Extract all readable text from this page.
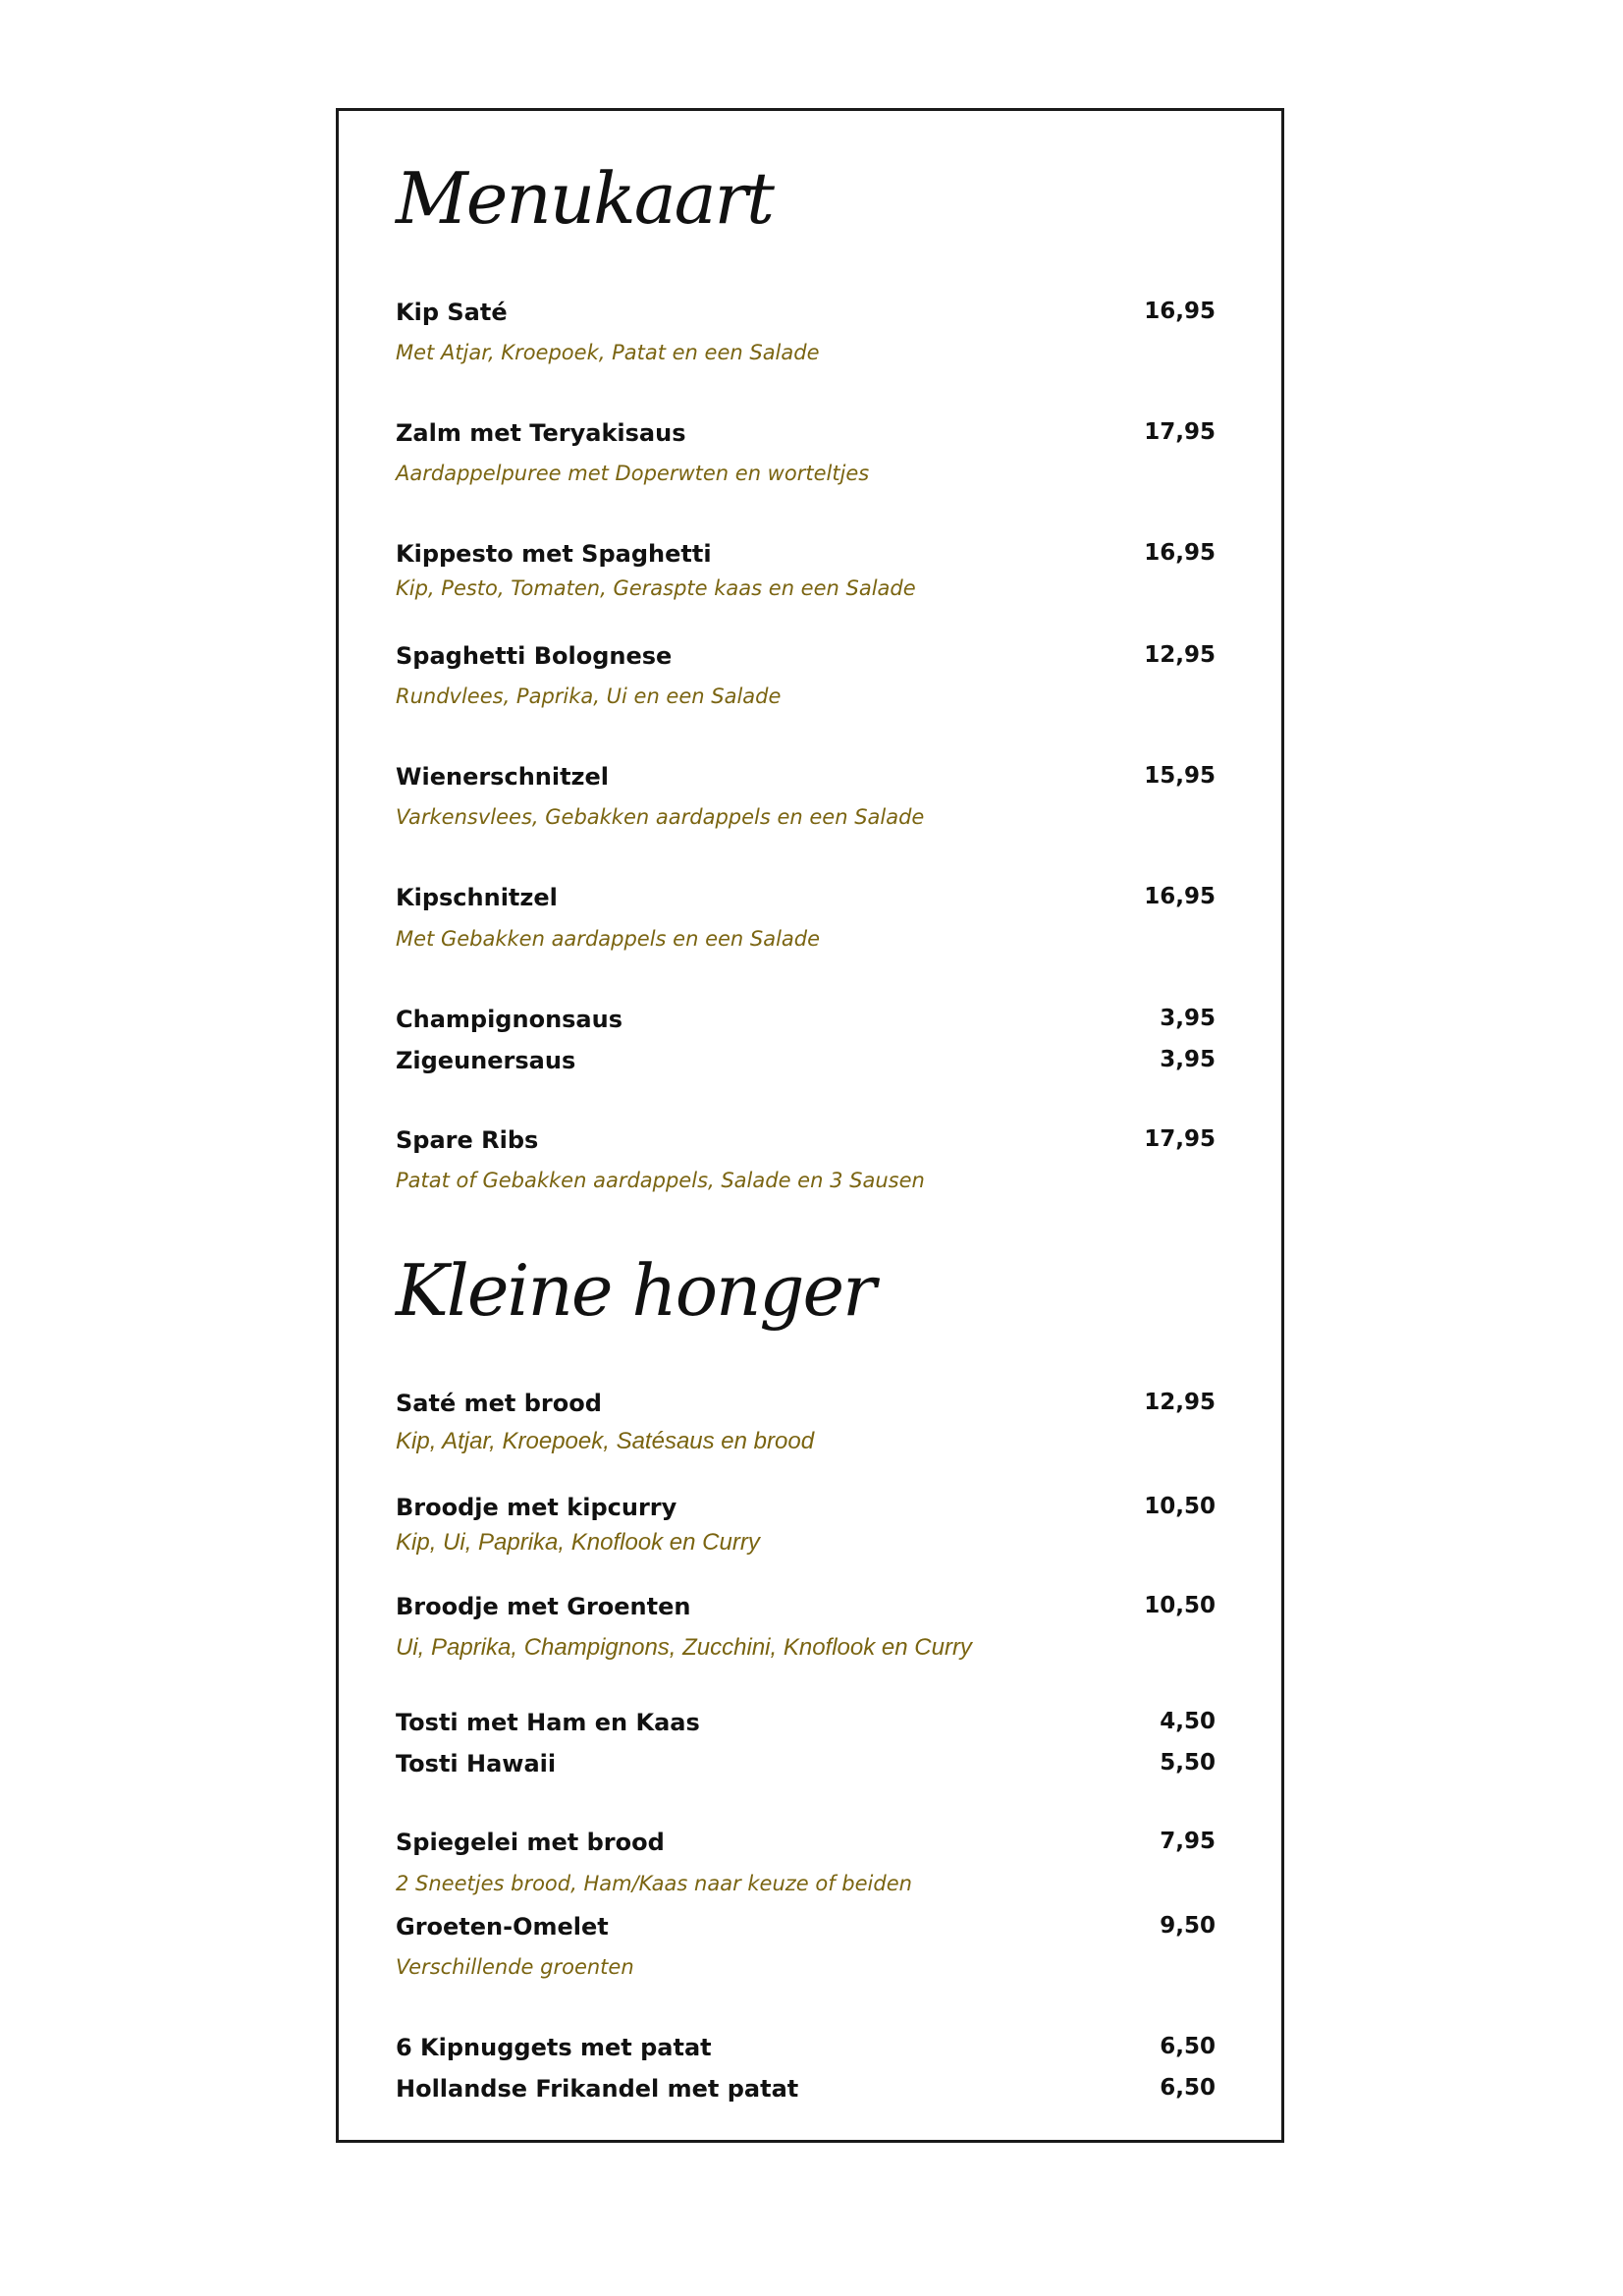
Menukaart
Kip Saté	16,95
Met Atjar, Kroepoek, Patat en een Salade
Zalm met Teryakisaus	17,95
Aardappelpuree met Doperwten en worteltjes
Kippesto met Spaghetti	16,95
Kip, Pesto, Tomaten, Geraspte kaas en een Salade
Spaghetti Bolognese	12,95
Rundvlees, Paprika, Ui en een Salade
Wienerschnitzel	15,95
Varkensvlees, Gebakken aardappels en een Salade
Kipschnitzel	16,95
Met Gebakken aardappels en een Salade
Champignonsaus	3,95
Zigeunersaus	3,95
Spare Ribs	17,95
Patat of Gebakken aardappels, Salade en 3 Sausen
Kleine honger
Saté met brood	12,95
Kip, Atjar, Kroepoek, Satésaus en brood
Broodje met kipcurry	10,50
Kip, Ui, Paprika, Knoflook en Curry
Broodje met Groenten	10,50
Ui, Paprika, Champignons, Zucchini, Knoflook en Curry
Tosti met Ham en Kaas	4,50
Tosti Hawaii	5,50
Spiegelei met brood	7,95
2 Sneetjes brood, Ham/Kaas naar keuze of beiden
Groeten-Omelet	9,50
Verschillende groenten
6 Kipnuggets met patat	6,50
Hollandse Frikandel met patat	6,50
